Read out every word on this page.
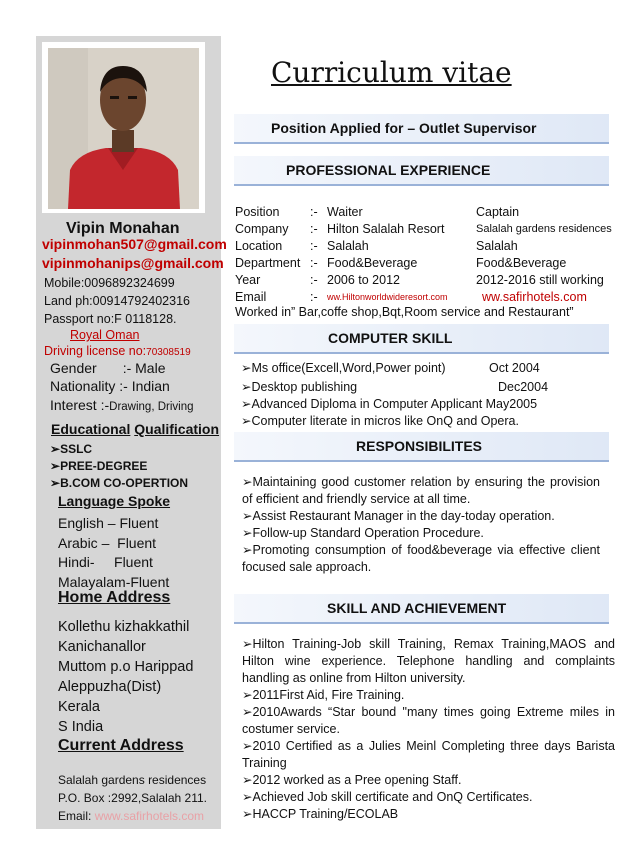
Vipin Monahan
vipinmohan507@gmail.com
vipinmohanips@gmail.com
Mobile:0096892324699
Land ph:00914792402316
Passport no:F 0118128.
Royal Oman
Driving license no:70308519
Gender :- Male
Nationality :- Indian
Interest :-Drawing, Driving
Educational Qualification
➢SSLC
➢PREE-DEGREE
➢B.COM CO-OPERTION
Language Spoke
English – Fluent
Arabic –  Fluent
Hindi-     Fluent
Malayalam-Fluent
Home Address
Kollethu kizhakkathil
Kanichanallor
Muttom p.o Harippad
Aleppuzha(Dist)
Kerala
S India
Current Address
Salalah gardens residences
P.O. Box :2992,Salalah 211.
Email: www.safirhotels.com
Curriculum vitae
Position Applied for – Outlet Supervisor
PROFESSIONAL EXPERIENCE
Position
Company
Location
Department
Year
Email
:-
:-
:-
:-
:-
:-
Waiter
Hilton Salalah Resort
Salalah
Food&Beverage
2006 to 2012
ww.Hiltonworldwideresort.com
Captain
Salalah gardens residences
Salalah
Food&Beverage
2012-2016 still working
ww.safirhotels.com
Worked in” Bar,coffe shop,Bqt,Room service and Restaurant”
COMPUTER SKILL
➢Ms office(Excell,Word,Power point)	Oct 2004
➢Desktop publishing	Dec2004
➢Advanced Diploma in Computer Applicant May2005
➢Computer literate in micros like OnQ and Opera.
RESPONSIBILITES
➢Maintaining good customer relation by ensuring the provision of efficient and friendly service at all time.
➢Assist Restaurant Manager in the day-today operation.
➢Follow-up Standard Operation Procedure.
➢Promoting consumption of food&beverage via effective client focused sale approach.
SKILL AND ACHIEVEMENT
➢Hilton Training-Job skill Training, Remax Training,MAOS and Hilton wine experience. Telephone handling and complaints handling as online from Hilton university.
➢2011First Aid, Fire Training.
➢2010Awards “Star bound "many times going Extreme miles in costumer service.
➢2010 Certified as a Julies Meinl Completing three days Barista Training
➢2012 worked as a Pree opening Staff.
➢Achieved Job skill certificate and OnQ Certificates.
➢HACCP Training/ECOLAB
